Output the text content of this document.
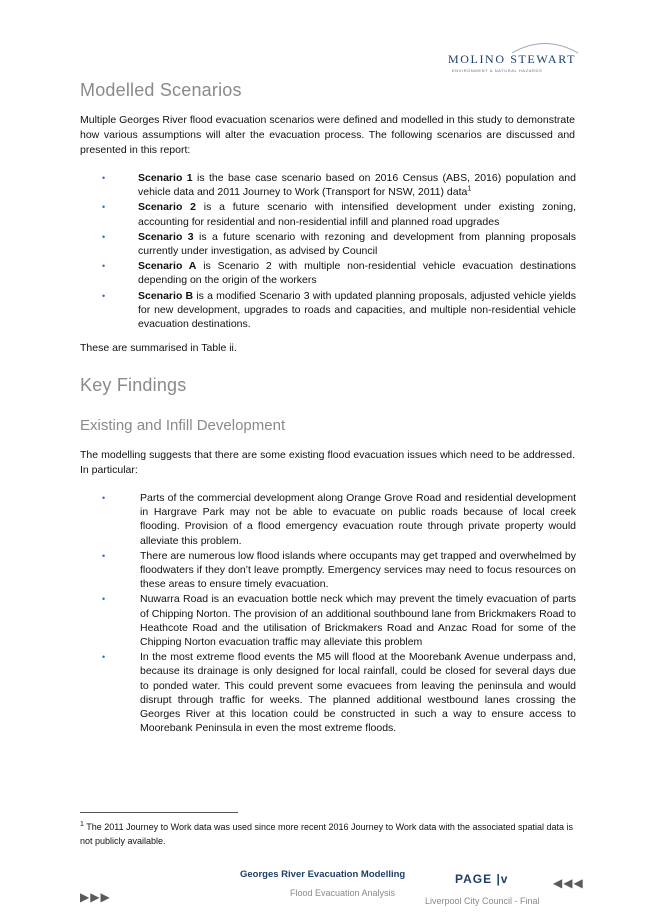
MOLINO STEWART
ENVIRONMENT & NATURAL HAZARDS
Modelled Scenarios
Multiple Georges River flood evacuation scenarios were defined and modelled in this study to demonstrate how various assumptions will alter the evacuation process. The following scenarios are discussed and presented in this report:
•	Scenario 1 is the base case scenario based on 2016 Census (ABS, 2016) population and vehicle data and 2011 Journey to Work (Transport for NSW, 2011) data$^1$
•	Scenario 2 is a future scenario with intensified development under existing zoning, accounting for residential and non-residential infill and planned road upgrades
•	Scenario 3 is a future scenario with rezoning and development from planning proposals currently under investigation, as advised by Council
•	Scenario A is Scenario 2 with multiple non-residential vehicle evacuation destinations depending on the origin of the workers
•	Scenario B is a modified Scenario 3 with updated planning proposals, adjusted vehicle yields for new development, upgrades to roads and capacities, and multiple non-residential vehicle evacuation destinations.
These are summarised in Table ii.
Key Findings
Existing and Infill Development
The modelling suggests that there are some existing flood evacuation issues which need to be addressed. In particular:
•	Parts of the commercial development along Orange Grove Road and residential development in Hargrave Park may not be able to evacuate on public roads because of local creek flooding. Provision of a flood emergency evacuation route through private property would alleviate this problem.
•	There are numerous low flood islands where occupants may get trapped and overwhelmed by floodwaters if they don’t leave promptly. Emergency services may need to focus resources on these areas to ensure timely evacuation.
•	Nuwarra Road is an evacuation bottle neck which may prevent the timely evacuation of parts of Chipping Norton. The provision of an additional southbound lane from Brickmakers Road to Heathcote Road and the utilisation of Brickmakers Road and Anzac Road for some of the Chipping Norton evacuation traffic may alleviate this problem
•	In the most extreme flood events the M5 will flood at the Moorebank Avenue underpass and, because its drainage is only designed for local rainfall, could be closed for several days due to ponded water. This could prevent some evacuees from leaving the peninsula and would disrupt through traffic for weeks. The planned additional westbound lanes crossing the Georges River at this location could be constructed in such a way to ensure access to Moorebank Peninsula in even the most extreme floods.
$^1$ The 2011 Journey to Work data was used since more recent 2016 Journey to Work data with the associated spatial data is not publicly available.
Georges River Evacuation Modelling	PAGE |v
Flood Evacuation Analysis
Liverpool City Council - Final
▶▶▶
◀◀◀
